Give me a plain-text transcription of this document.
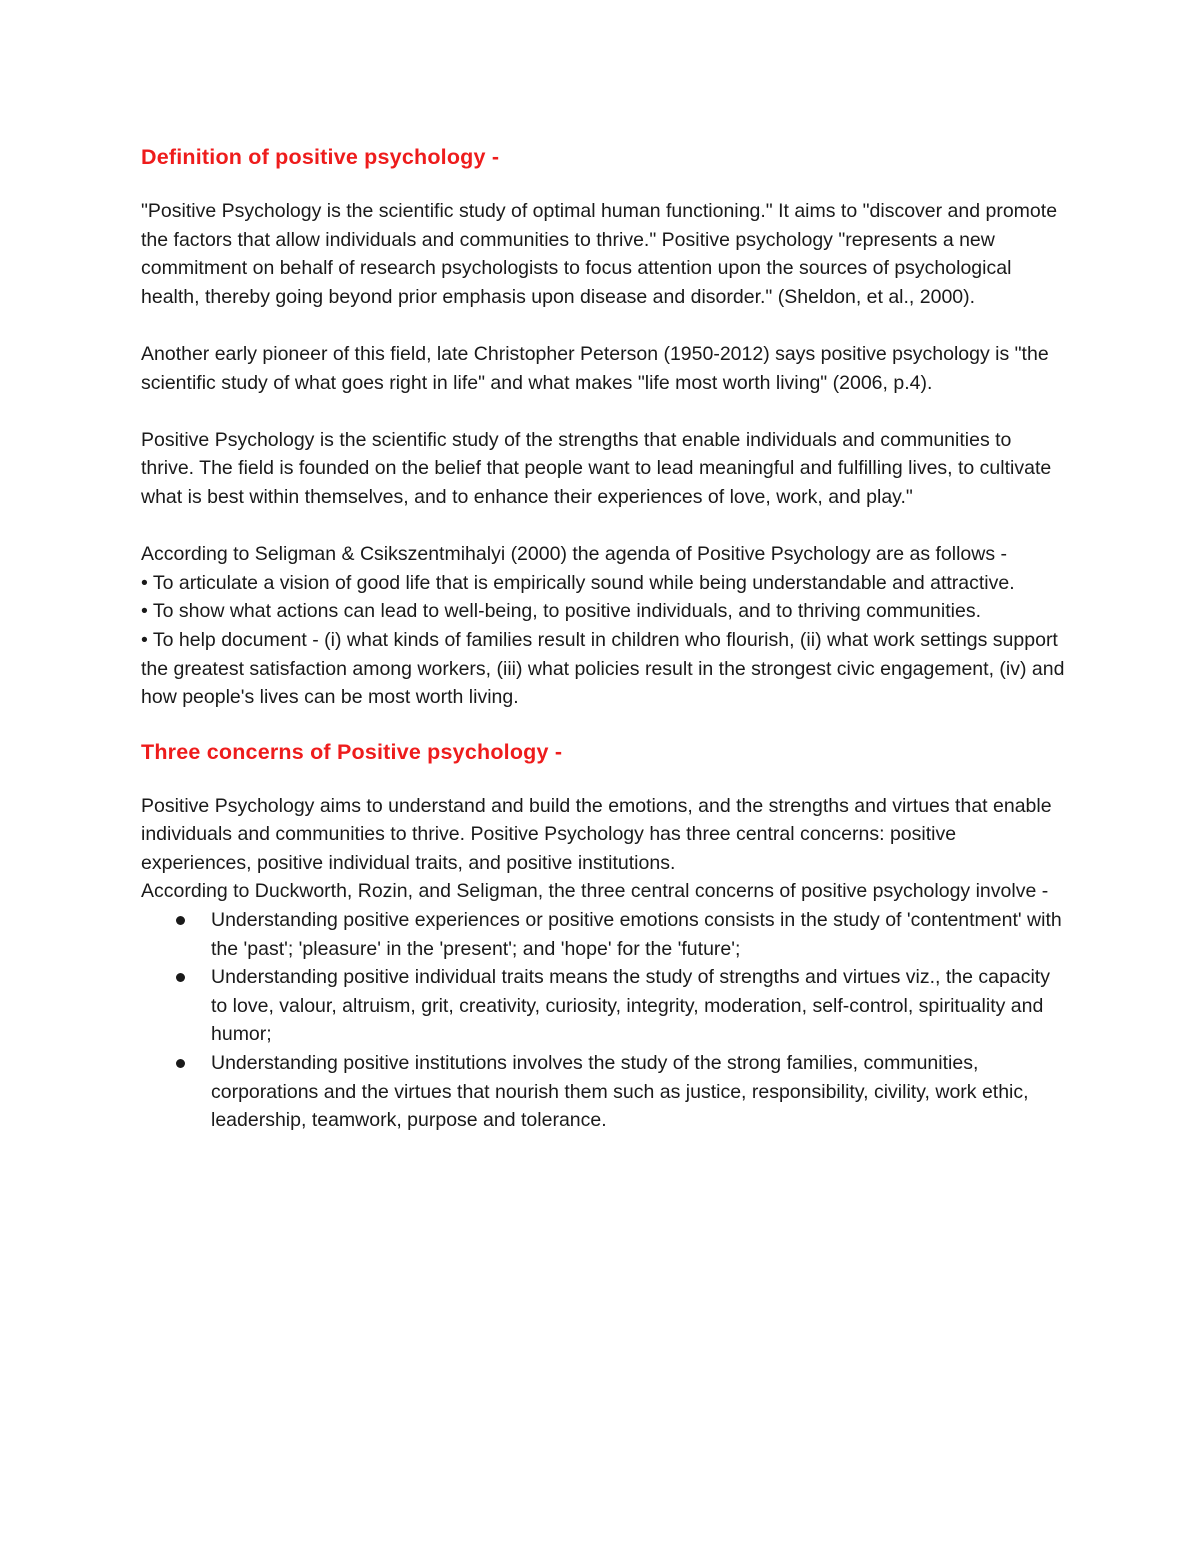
Definition of positive psychology -

"Positive Psychology is the scientific study of optimal human functioning." It aims to "discover and promote the factors that allow individuals and communities to thrive." Positive psychology "represents a new commitment on behalf of research psychologists to focus attention upon the sources of psychological health, thereby going beyond prior emphasis upon disease and disorder." (Sheldon, et al., 2000).

Another early pioneer of this field, late Christopher Peterson (1950-2012) says positive psychology is "the scientific study of what goes right in life" and what makes "life most worth living" (2006, p.4).

Positive Psychology is the scientific study of the strengths that enable individuals and communities to thrive. The field is founded on the belief that people want to lead meaningful and fulfilling lives, to cultivate what is best within themselves, and to enhance their experiences of love, work, and play."

According to Seligman & Csikszentmihalyi (2000) the agenda of Positive Psychology are as follows -

• To articulate a vision of good life that is empirically sound while being understandable and attractive.

• To show what actions can lead to well-being, to positive individuals, and to thriving communities.

• To help document - (i) what kinds of families result in children who flourish, (ii) what work settings support the greatest satisfaction among workers, (iii) what policies result in the strongest civic engagement, (iv) and how people's lives can be most worth living.

Three concerns of Positive psychology -

Positive Psychology aims to understand and build the emotions, and the strengths and virtues that enable individuals and communities to thrive. Positive Psychology has three central concerns: positive experiences, positive individual traits, and positive institutions.

According to Duckworth, Rozin, and Seligman, the three central concerns of positive psychology involve -

Understanding positive experiences or positive emotions consists in the study of 'contentment' with the 'past'; 'pleasure' in the 'present'; and 'hope' for the 'future';
Understanding positive individual traits means the study of strengths and virtues viz., the capacity to love, valour, altruism, grit, creativity, curiosity, integrity, moderation, self-control, spirituality and humor;
Understanding positive institutions involves the study of the strong families, communities, corporations and the virtues that nourish them such as justice, responsibility, civility, work ethic, leadership, teamwork, purpose and tolerance.
